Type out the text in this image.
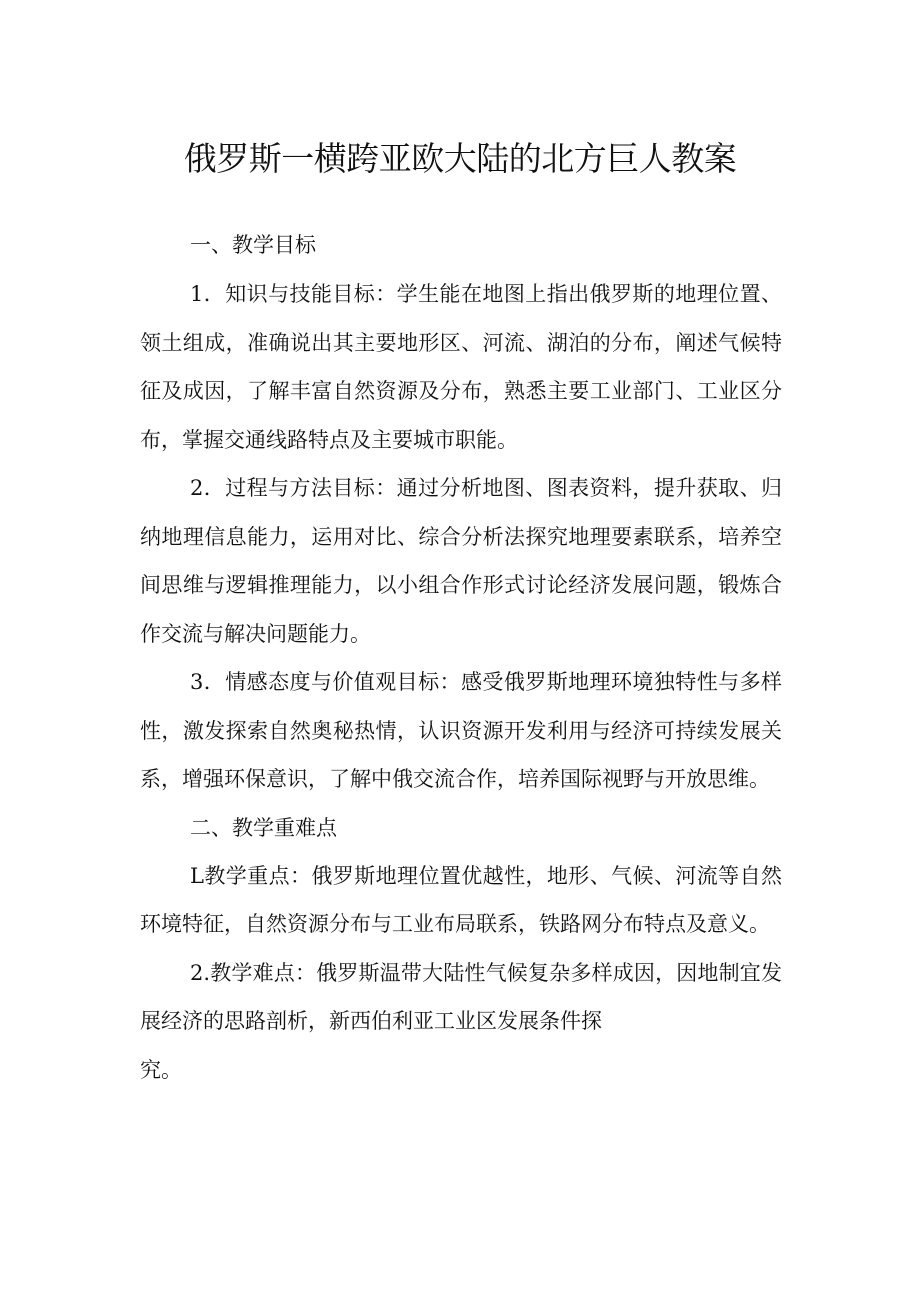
俄罗斯一横跨亚欧大陆的北方巨人教案

一、教学目标

1．知识与技能目标：学生能在地图上指出俄罗斯的地理位置、领土组成，准确说出其主要地形区、河流、湖泊的分布，阐述气候特征及成因，了解丰富自然资源及分布，熟悉主要工业部门、工业区分布，掌握交通线路特点及主要城市职能。

2．过程与方法目标：通过分析地图、图表资料，提升获取、归纳地理信息能力，运用对比、综合分析法探究地理要素联系，培养空间思维与逻辑推理能力，以小组合作形式讨论经济发展问题，锻炼合作交流与解决问题能力。

3．情感态度与价值观目标：感受俄罗斯地理环境独特性与多样性，激发探索自然奥秘热情，认识资源开发利用与经济可持续发展关系，增强环保意识，了解中俄交流合作，培养国际视野与开放思维。

二、教学重难点

L教学重点：俄罗斯地理位置优越性，地形、气候、河流等自然环境特征，自然资源分布与工业布局联系，铁路网分布特点及意义。

2.教学难点：俄罗斯温带大陆性气候复杂多样成因，因地制宜发展经济的思路剖析，新西伯利亚工业区发展条件探
究。
